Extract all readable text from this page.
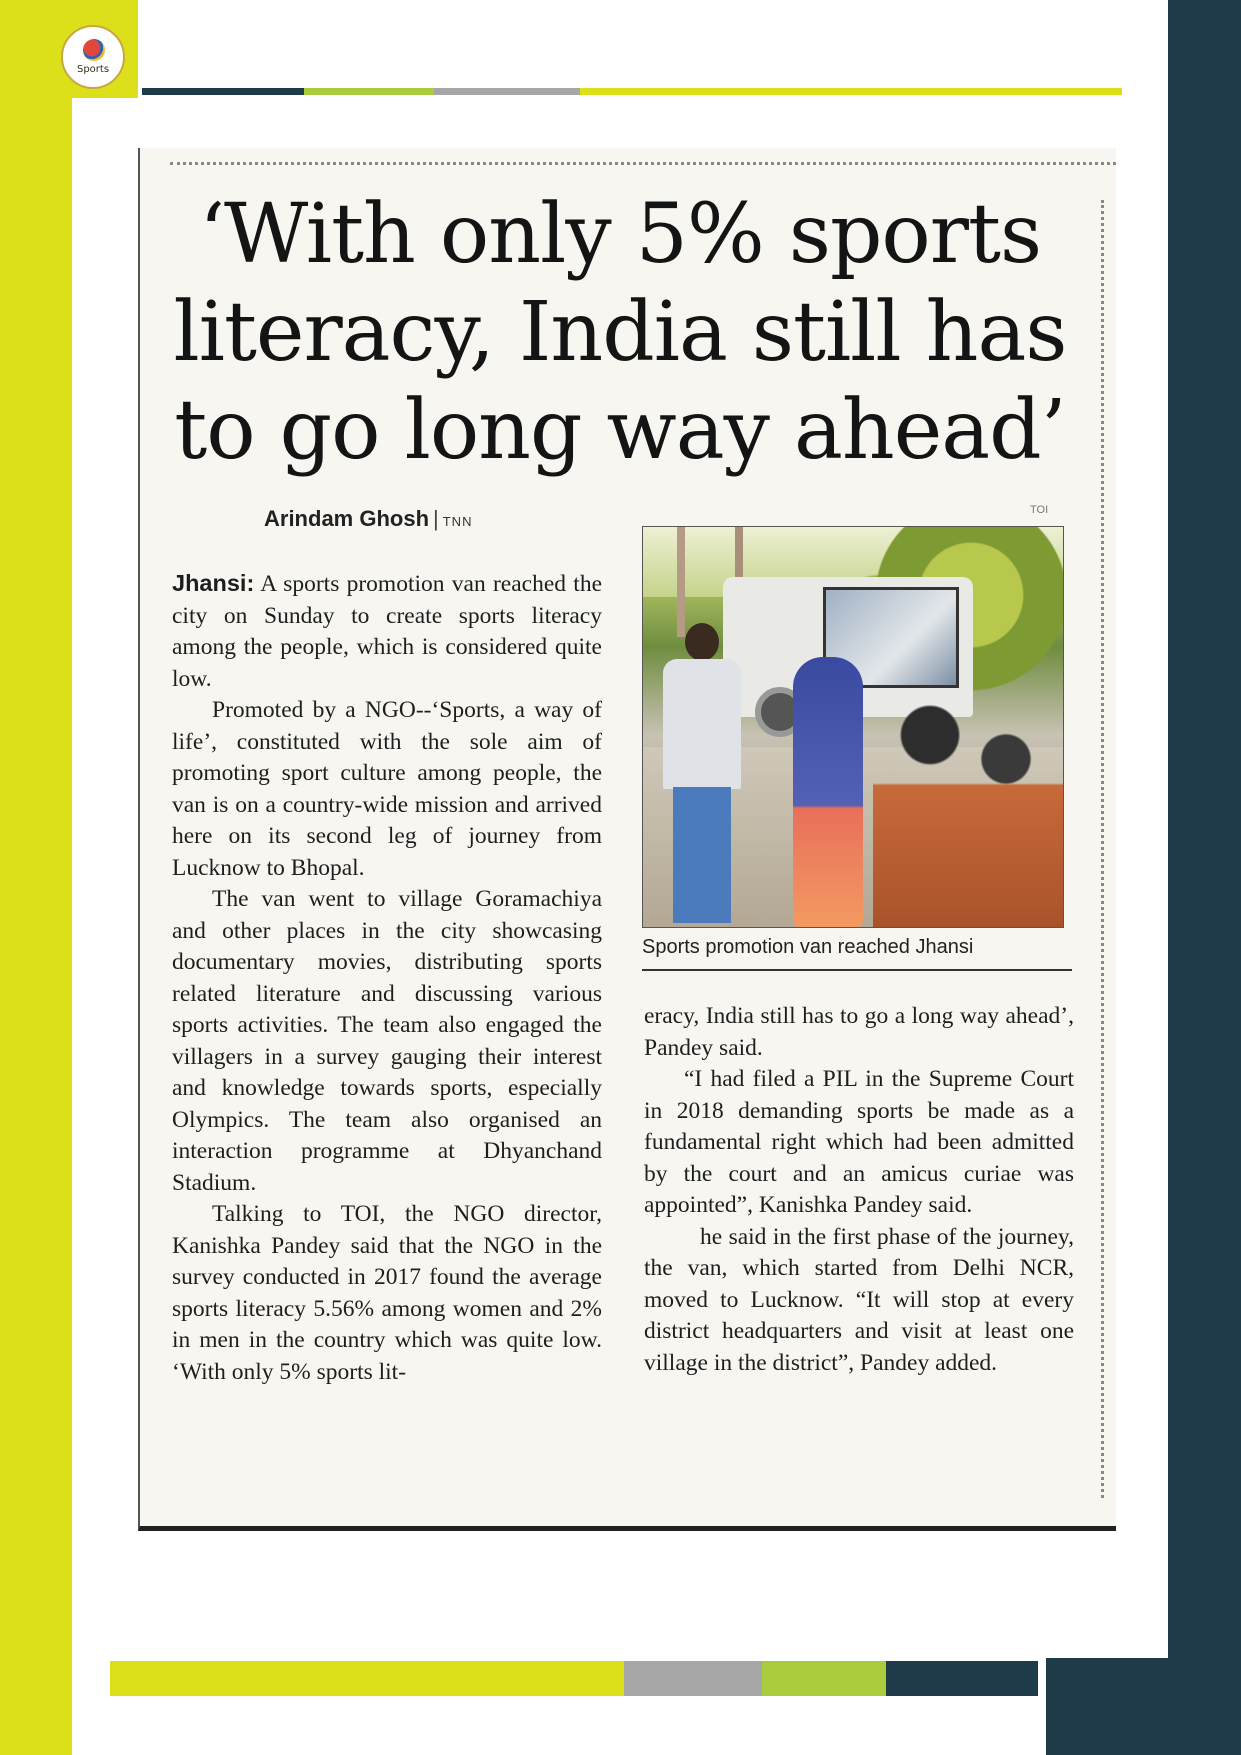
Sports
‘With only 5% sports
literacy, India still has
to go long way ahead’
Arindam Ghosh | TNN
TOI

Jhansi: A sports promotion van reached the city on Sunday to create sports literacy among the people, which is considered quite low.

Promoted by a NGO--‘Sports, a way of life’, constituted with the sole aim of promoting sport culture among people, the van is on a country-wide mission and arrived here on its second leg of journey from Lucknow to Bhopal.

The van went to village Goramachiya and other places in the city showcasing documentary movies, distributing sports related literature and discussing various sports activities. The team also engaged the villagers in a survey gauging their interest and knowledge towards sports, especially Olympics. The team also organised an interaction programme at Dhyanchand Stadium.

Talking to TOI, the NGO director, Kanishka Pandey said that the NGO in the survey conducted in 2017 found the average sports literacy 5.56% among women and 2% in men in the country which was quite low. ‘With only 5% sports lit-

Sports promotion van reached Jhansi

eracy, India still has to go a long way ahead’, Pandey said.

“I had filed a PIL in the Supreme Court in 2018 demanding sports be made as a fundamental right which had been admitted by the court and an amicus curiae was appointed”, Kanishka Pandey said.

he said in the first phase of the journey, the van, which started from Delhi NCR, moved to Lucknow. “It will stop at every district headquarters and visit at least one village in the district”, Pandey added.
